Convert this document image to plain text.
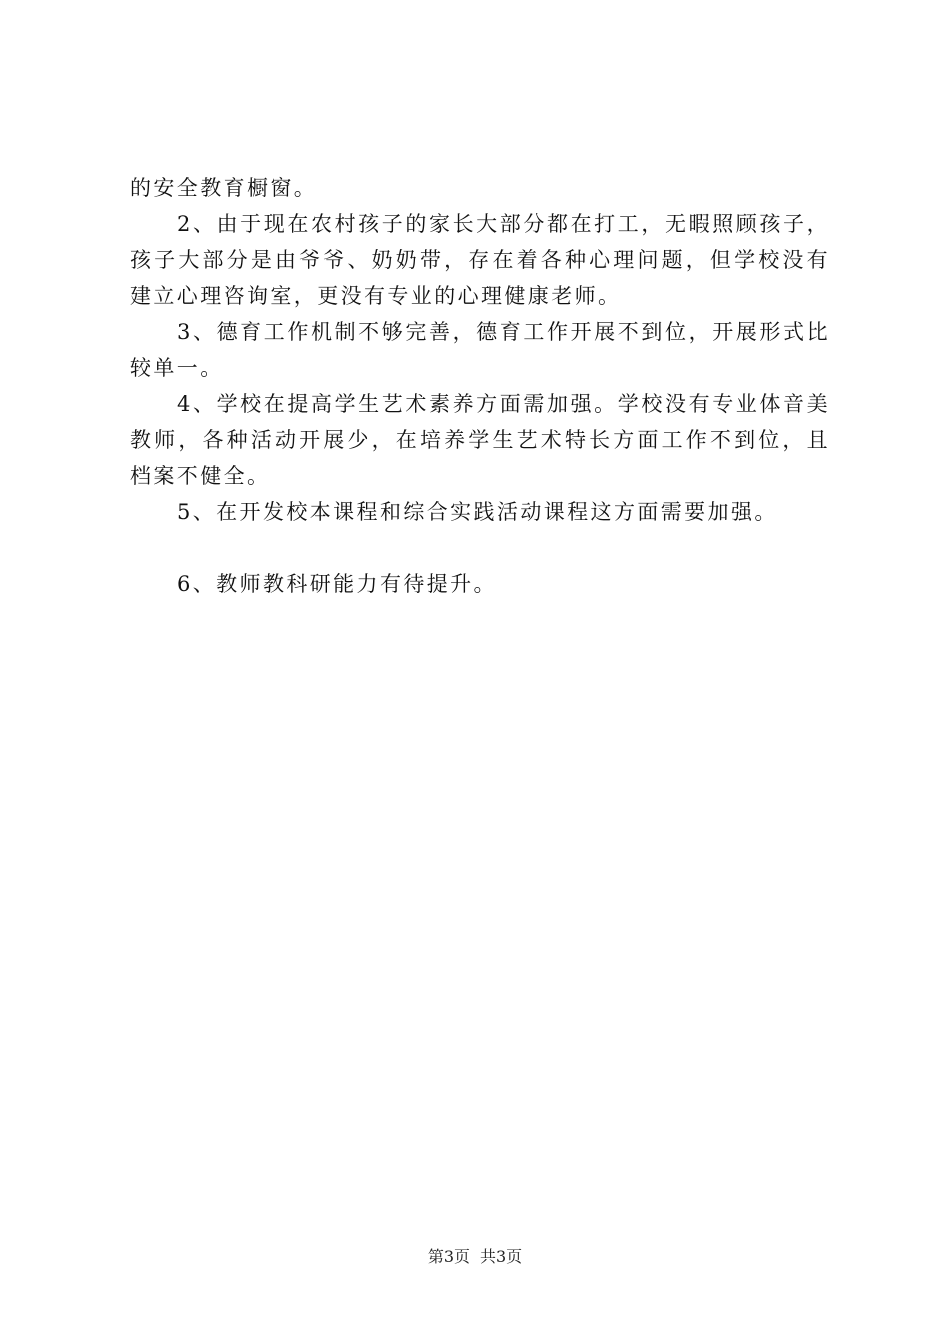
的安全教育橱窗。

2、由于现在农村孩子的家长大部分都在打工，无暇照顾孩子，孩子大部分是由爷爷、奶奶带，存在着各种心理问题，但学校没有建立心理咨询室，更没有专业的心理健康老师。

3、德育工作机制不够完善，德育工作开展不到位，开展形式比较单一。

4、学校在提高学生艺术素养方面需加强。学校没有专业体音美教师，各种活动开展少，在培养学生艺术特长方面工作不到位，且档案不健全。

5、在开发校本课程和综合实践活动课程这方面需要加强。

6、教师教科研能力有待提升。

第3页 共3页
